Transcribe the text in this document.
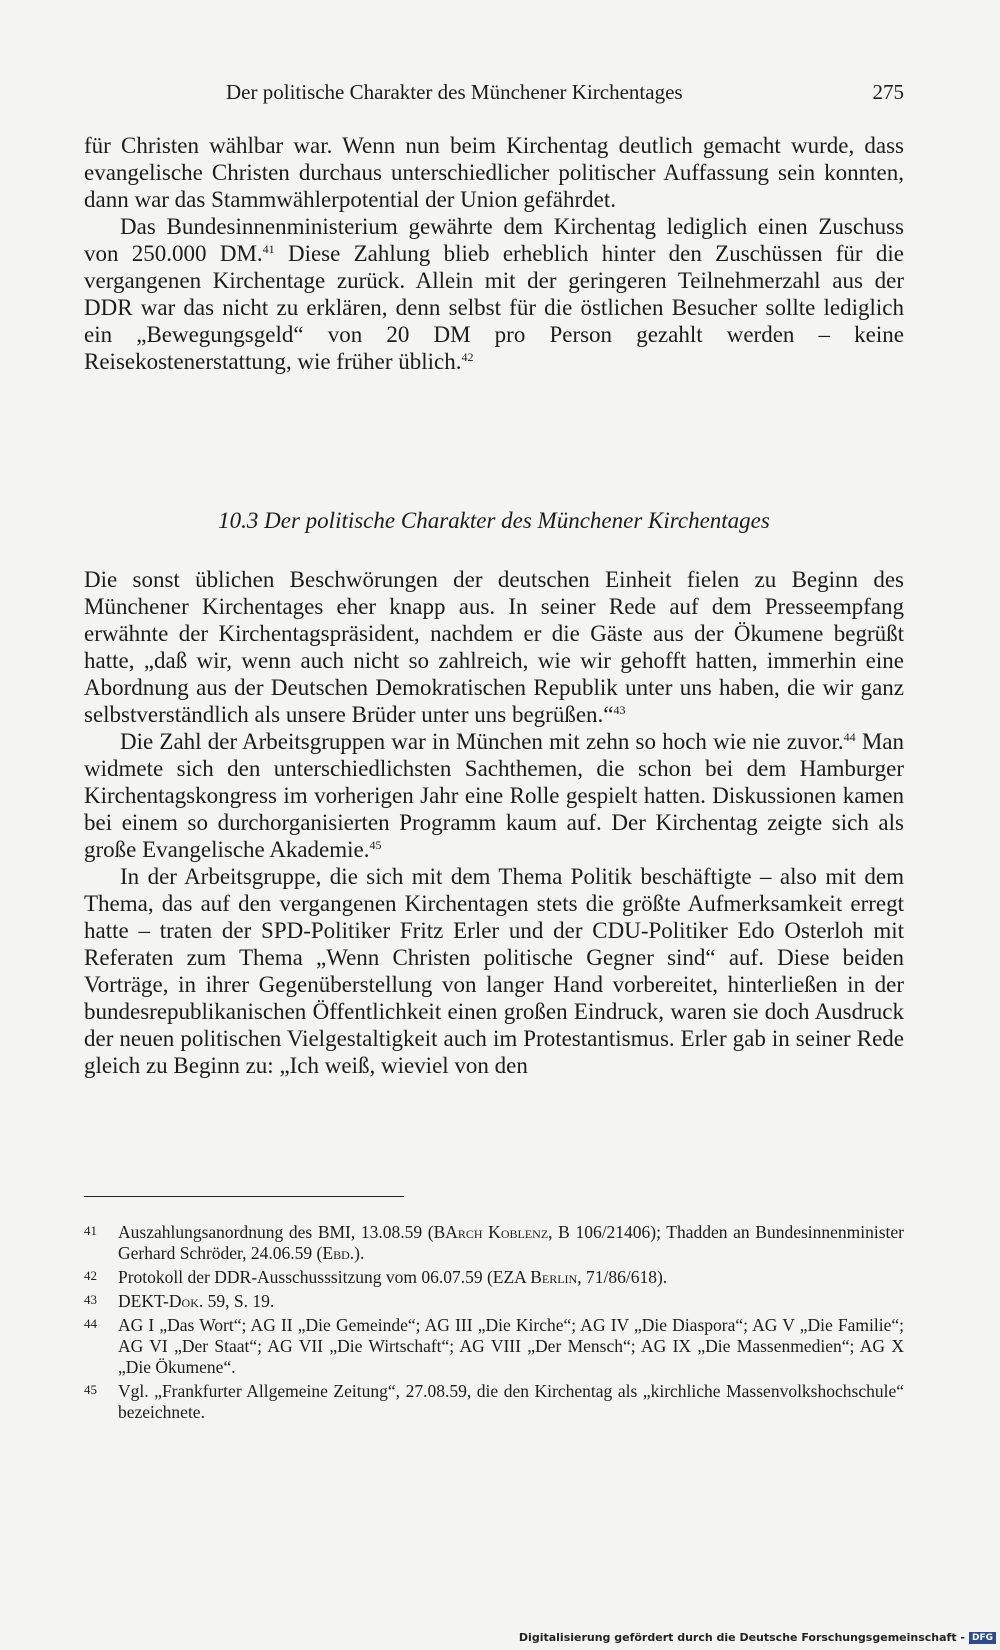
Der politische Charakter des Münchener Kirchentages	275

für Christen wählbar war. Wenn nun beim Kirchentag deutlich gemacht wurde, dass evangelische Christen durchaus unterschiedlicher politischer Auffassung sein konnten, dann war das Stammwählerpotential der Union gefährdet.

Das Bundesinnenministerium gewährte dem Kirchentag lediglich einen Zuschuss von 250.000 DM.$^{41}$ Diese Zahlung blieb erheblich hinter den Zuschüssen für die vergangenen Kirchentage zurück. Allein mit der geringeren Teilnehmerzahl aus der DDR war das nicht zu erklären, denn selbst für die östlichen Besucher sollte lediglich ein „Bewegungsgeld“ von 20 DM pro Person gezahlt werden – keine Reisekostenerstattung, wie früher üblich.$^{42}$

10.3 Der politische Charakter des Münchener Kirchentages

Die sonst üblichen Beschwörungen der deutschen Einheit fielen zu Beginn des Münchener Kirchentages eher knapp aus. In seiner Rede auf dem Presseempfang erwähnte der Kirchentagspräsident, nachdem er die Gäste aus der Ökumene begrüßt hatte, „daß wir, wenn auch nicht so zahlreich, wie wir gehofft hatten, immerhin eine Abordnung aus der Deutschen Demokratischen Republik unter uns haben, die wir ganz selbstverständlich als unsere Brüder unter uns begrüßen.“$^{43}$

Die Zahl der Arbeitsgruppen war in München mit zehn so hoch wie nie zuvor.$^{44}$ Man widmete sich den unterschiedlichsten Sachthemen, die schon bei dem Hamburger Kirchentagskongress im vorherigen Jahr eine Rolle gespielt hatten. Diskussionen kamen bei einem so durchorganisierten Programm kaum auf. Der Kirchentag zeigte sich als große Evangelische Akademie.$^{45}$

In der Arbeitsgruppe, die sich mit dem Thema Politik beschäftigte – also mit dem Thema, das auf den vergangenen Kirchentagen stets die größte Aufmerksamkeit erregt hatte – traten der SPD-Politiker Fritz Erler und der CDU-Politiker Edo Osterloh mit Referaten zum Thema „Wenn Christen politische Gegner sind“ auf. Diese beiden Vorträge, in ihrer Gegenüberstellung von langer Hand vorbereitet, hinterließen in der bundesrepublikanischen Öffentlichkeit einen großen Eindruck, waren sie doch Ausdruck der neuen politischen Vielgestaltigkeit auch im Protestantismus. Erler gab in seiner Rede gleich zu Beginn zu: „Ich weiß, wieviel von den

41 Auszahlungsanordnung des BMI, 13.08.59 (BArch Koblenz, B 106/21406); Thadden an Bundesinnenminister Gerhard Schröder, 24.06.59 (Ebd.).

42 Protokoll der DDR-Ausschusssitzung vom 06.07.59 (EZA Berlin, 71/86/618).

43 DEKT-Dok. 59, S. 19.

44 AG I „Das Wort“; AG II „Die Gemeinde“; AG III „Die Kirche“; AG IV „Die Diaspora“; AG V „Die Familie“; AG VI „Der Staat“; AG VII „Die Wirtschaft“; AG VIII „Der Mensch“; AG IX „Die Massenmedien“; AG X „Die Ökumene“.

45 Vgl. „Frankfurter Allgemeine Zeitung“, 27.08.59, die den Kirchentag als „kirchliche Massenvolkshochschule“ bezeichnete.

Digitalisierung gefördert durch die Deutsche Forschungsgemeinschaft - DFG
